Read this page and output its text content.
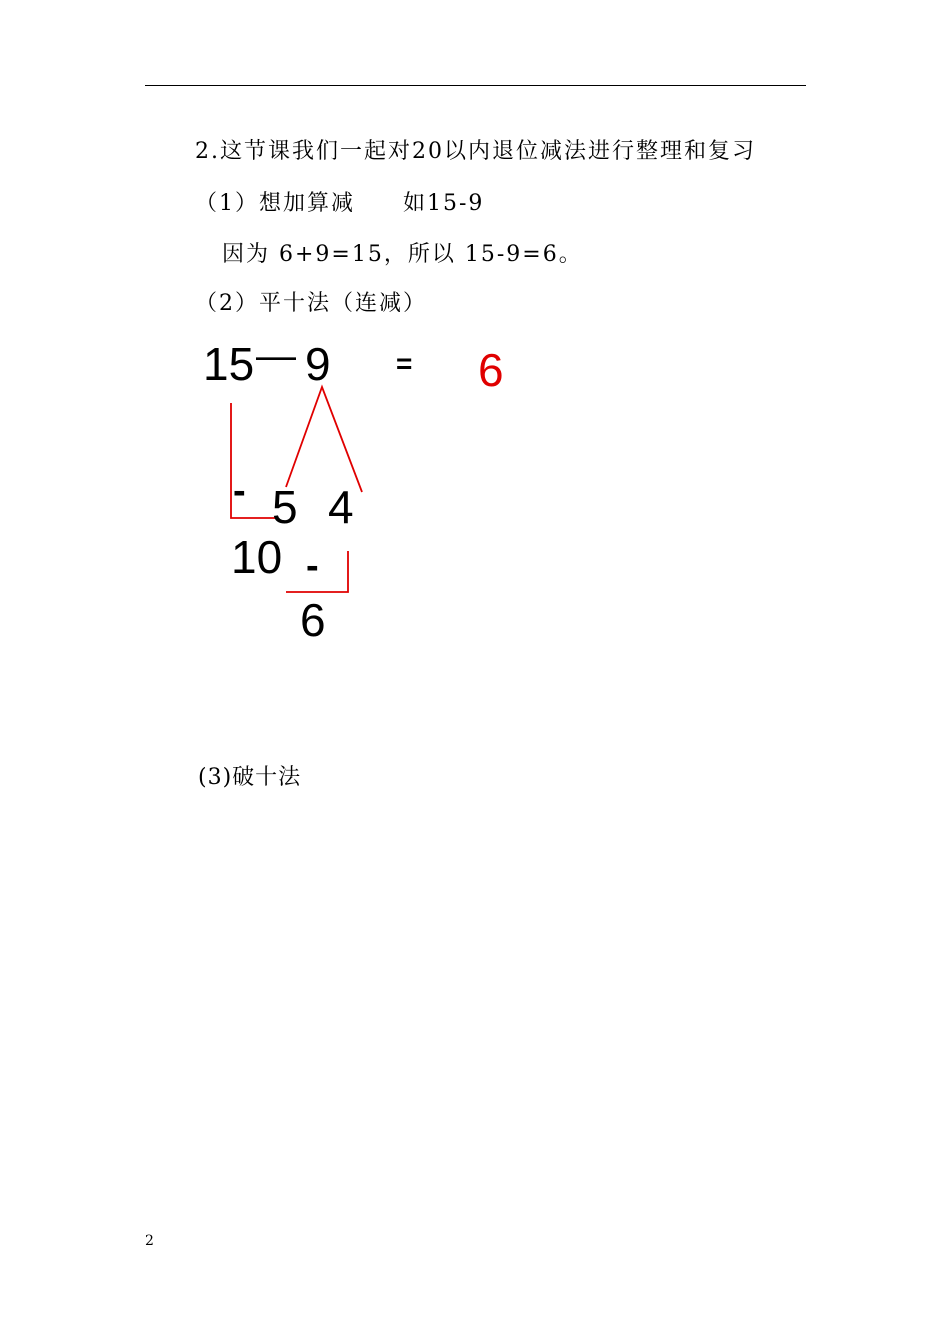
2.这节课我们一起对20以内退位减法进行整理和复习
（1）想加算减　　如15-9
因为 6+9=15，所以 15-9=6。
（2）平十法（连减）
15 — 9 = 6
- 5 4
10 -
6
(3)破十法
2
